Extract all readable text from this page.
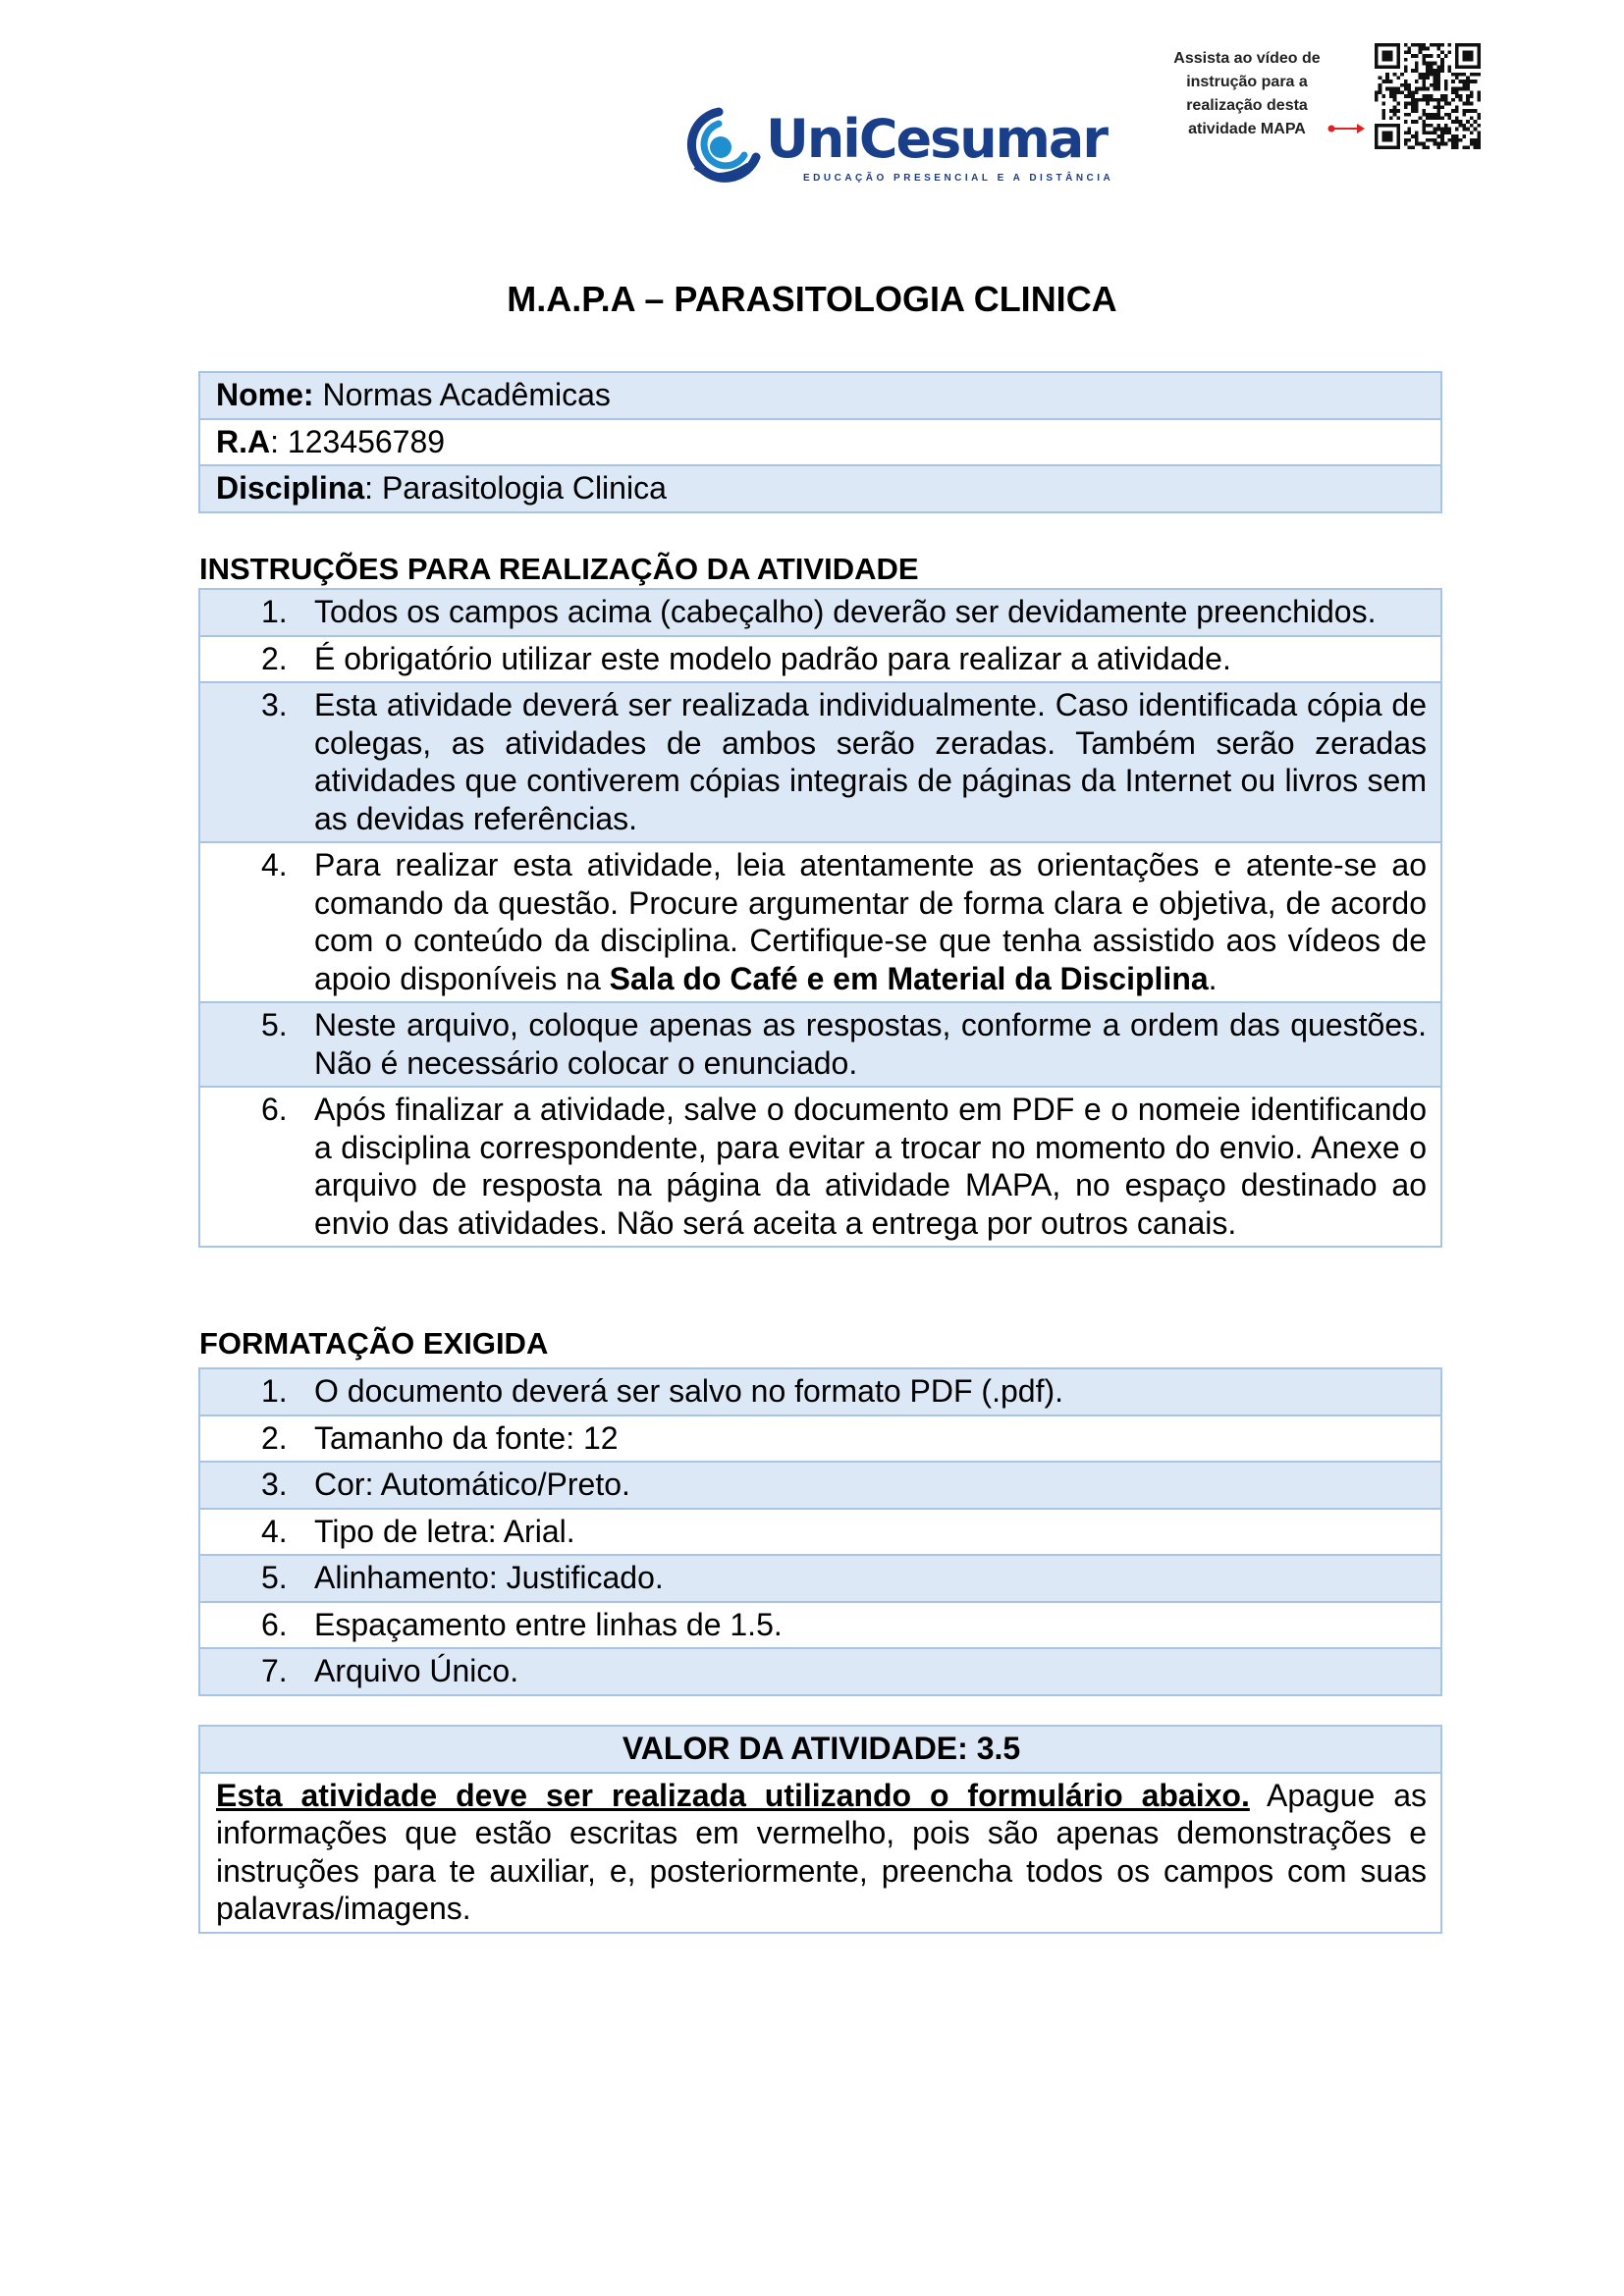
UniCesumar
EDUCAÇÃO PRESENCIAL E A DISTÂNCIA
Assista ao vídeo de
instrução para a
realização desta
atividade MAPA
M.A.P.A – PARASITOLOGIA CLINICA
Nome: Normas Acadêmicas
R.A: 123456789
Disciplina: Parasitologia Clinica
INSTRUÇÕES PARA REALIZAÇÃO DA ATIVIDADE
1. Todos os campos acima (cabeçalho) deverão ser devidamente preenchidos.
2. É obrigatório utilizar este modelo padrão para realizar a atividade.
3. Esta atividade deverá ser realizada individualmente. Caso identificada cópia de colegas, as atividades de ambos serão zeradas. Também serão zeradas atividades que contiverem cópias integrais de páginas da Internet ou livros sem as devidas referências.
4. Para realizar esta atividade, leia atentamente as orientações e atente-se ao comando da questão. Procure argumentar de forma clara e objetiva, de acordo com o conteúdo da disciplina. Certifique-se que tenha assistido aos vídeos de apoio disponíveis na Sala do Café e em Material da Disciplina.
5. Neste arquivo, coloque apenas as respostas, conforme a ordem das questões. Não é necessário colocar o enunciado.
6. Após finalizar a atividade, salve o documento em PDF e o nomeie identificando a disciplina correspondente, para evitar a trocar no momento do envio. Anexe o arquivo de resposta na página da atividade MAPA, no espaço destinado ao envio das atividades. Não será aceita a entrega por outros canais.
FORMATAÇÃO EXIGIDA
1. O documento deverá ser salvo no formato PDF (.pdf).
2. Tamanho da fonte: 12
3. Cor: Automático/Preto.
4. Tipo de letra: Arial.
5. Alinhamento: Justificado.
6. Espaçamento entre linhas de 1.5.
7. Arquivo Único.
VALOR DA ATIVIDADE: 3.5
Esta atividade deve ser realizada utilizando o formulário abaixo. Apague as informações que estão escritas em vermelho, pois são apenas demonstrações e instruções para te auxiliar, e, posteriormente, preencha todos os campos com suas palavras/imagens.
